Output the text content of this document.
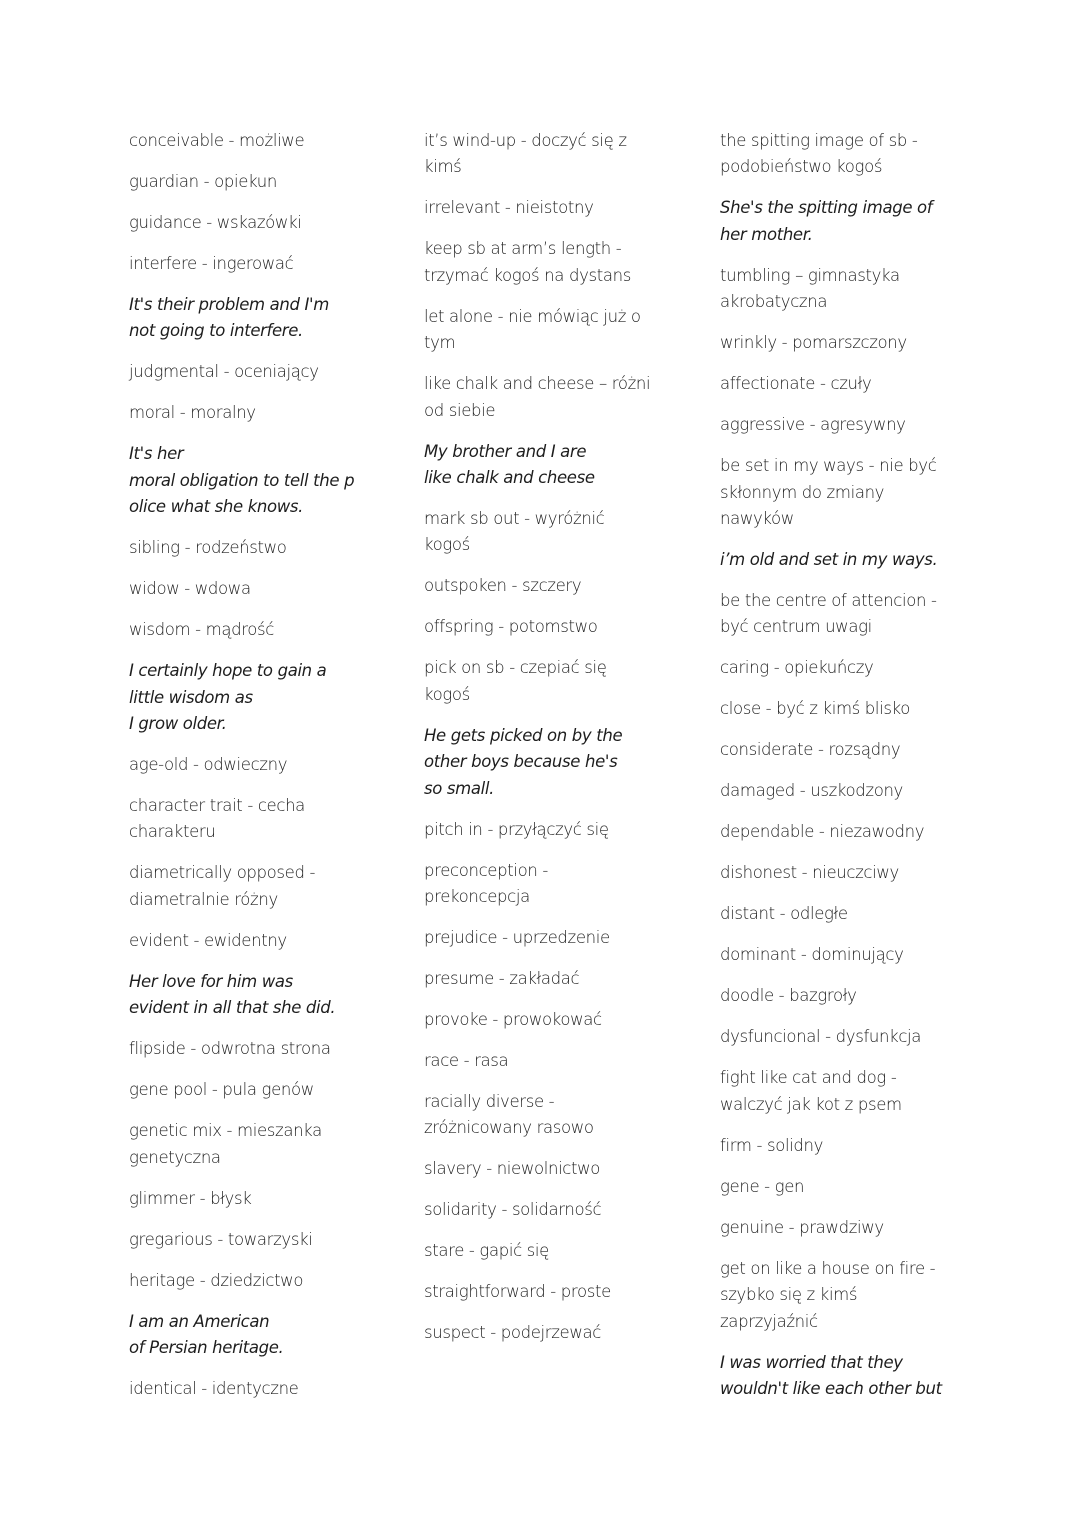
conceivable - możliwe

guardian - opiekun

guidance - wskazówki

interfere - ingerować

It's their problem and I'm
not going to interfere.

judgmental - oceniający

moral - moralny

It's her
moral obligation to tell the p
olice what she knows.

sibling - rodzeństwo

widow - wdowa

wisdom - mądrość

I certainly hope to gain a
little wisdom as
I grow older.

age-old - odwieczny

character trait - cecha
charakteru

diametrically opposed -
diametralnie różny

evident - ewidentny

Her love for him was
evident in all that she did.

flipside - odwrotna strona

gene pool - pula genów

genetic mix - mieszanka
genetyczna

glimmer - błysk

gregarious - towarzyski

heritage - dziedzictwo

I am an American
of Persian heritage.

identical - identyczne

it’s wind-up - doczyć się z
kimś

irrelevant - nieistotny

keep sb at arm’s length -
trzymać kogoś na dystans

let alone - nie mówiąc już o
tym

like chalk and cheese – różni
od siebie

My brother and I are
like chalk and cheese

mark sb out - wyróżnić
kogoś

outspoken - szczery

offspring - potomstwo

pick on sb - czepiać się
kogoś

He gets picked on by the
other boys because he's
so small.

pitch in - przyłączyć się

preconception -
prekoncepcja

prejudice - uprzedzenie

presume - zakładać

provoke - prowokować

race - rasa

racially diverse -
zróżnicowany rasowo

slavery - niewolnictwo

solidarity - solidarność

stare - gapić się

straightforward - proste

suspect - podejrzewać

the spitting image of sb -
podobieństwo kogoś

She's the spitting image of
her mother.

tumbling – gimnastyka
akrobatyczna

wrinkly - pomarszczony

affectionate - czuły

aggressive - agresywny

be set in my ways - nie być
skłonnym do zmiany
nawyków

i’m old and set in my ways.

be the centre of attencion -
być centrum uwagi

caring - opiekuńczy

close - być z kimś blisko

considerate - rozsądny

damaged - uszkodzony

dependable - niezawodny

dishonest - nieuczciwy

distant - odległe

dominant - dominujący

doodle - bazgroły

dysfuncional - dysfunkcja

fight like cat and dog -
walczyć jak kot z psem

firm - solidny

gene - gen

genuine - prawdziwy

get on like a house on fire -
szybko się z kimś
zaprzyjaźnić

I was worried that they
wouldn't like each other but
